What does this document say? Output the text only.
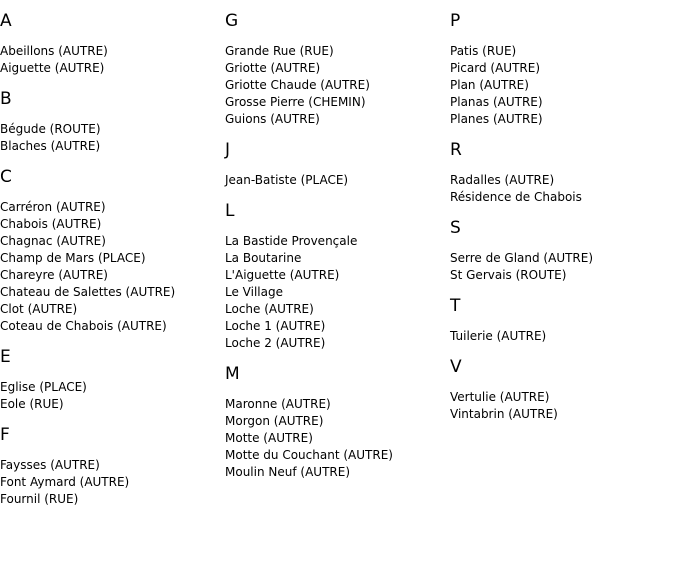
A
Abeillons (AUTRE)
Aiguette (AUTRE)
B
Bégude (ROUTE)
Blaches (AUTRE)
C
Carréron (AUTRE)
Chabois (AUTRE)
Chagnac (AUTRE)
Champ de Mars (PLACE)
Chareyre (AUTRE)
Chateau de Salettes (AUTRE)
Clot (AUTRE)
Coteau de Chabois (AUTRE)
E
Eglise (PLACE)
Eole (RUE)
F
Faysses (AUTRE)
Font Aymard (AUTRE)
Fournil (RUE)
G
Grande Rue (RUE)
Griotte (AUTRE)
Griotte Chaude (AUTRE)
Grosse Pierre (CHEMIN)
Guions (AUTRE)
J
Jean-Batiste (PLACE)
L
La Bastide Provençale
La Boutarine
L'Aiguette (AUTRE)
Le Village
Loche (AUTRE)
Loche 1 (AUTRE)
Loche 2 (AUTRE)
M
Maronne (AUTRE)
Morgon (AUTRE)
Motte (AUTRE)
Motte du Couchant (AUTRE)
Moulin Neuf (AUTRE)
P
Patis (RUE)
Picard (AUTRE)
Plan (AUTRE)
Planas (AUTRE)
Planes (AUTRE)
R
Radalles (AUTRE)
Résidence de Chabois
S
Serre de Gland (AUTRE)
St Gervais (ROUTE)
T
Tuilerie (AUTRE)
V
Vertulie (AUTRE)
Vintabrin (AUTRE)
